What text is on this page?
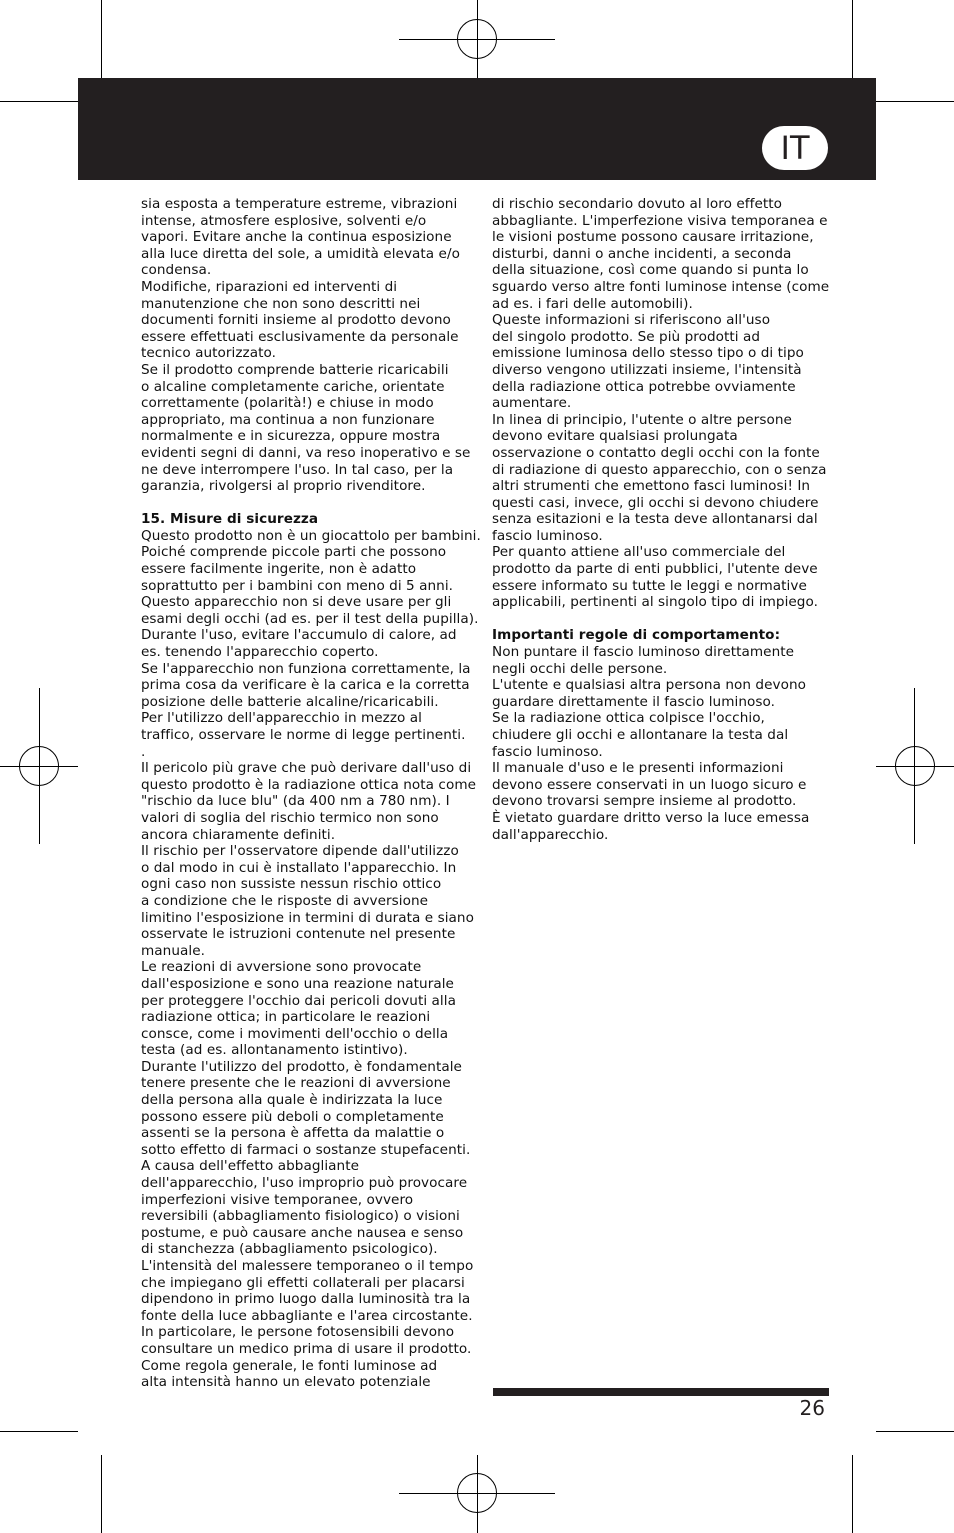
IT

sia esposta a temperature estreme, vibrazioni
intense, atmosfere esplosive, solventi e/o
vapori. Evitare anche la continua esposizione
alla luce diretta del sole, a umidità elevata e/o
condensa.
Modifiche, riparazioni ed interventi di
manutenzione che non sono descritti nei
documenti forniti insieme al prodotto devono
essere effettuati esclusivamente da personale
tecnico autorizzato.
Se il prodotto comprende batterie ricaricabili
o alcaline completamente cariche, orientate
correttamente (polarità!) e chiuse in modo
appropriato, ma continua a non funzionare
normalmente e in sicurezza, oppure mostra
evidenti segni di danni, va reso inoperativo e se
ne deve interrompere l'uso. In tal caso, per la
garanzia, rivolgersi al proprio rivenditore.

15. Misure di sicurezza

Questo prodotto non è un giocattolo per bambini.
Poiché comprende piccole parti che possono
essere facilmente ingerite, non è adatto
soprattutto per i bambini con meno di 5 anni.
Questo apparecchio non si deve usare per gli
esami degli occhi (ad es. per il test della pupilla).
Durante l'uso, evitare l'accumulo di calore, ad
es. tenendo l'apparecchio coperto.
Se l'apparecchio non funziona correttamente, la
prima cosa da verificare è la carica e la corretta
posizione delle batterie alcaline/ricaricabili.
Per l'utilizzo dell'apparecchio in mezzo al
traffico, osservare le norme di legge pertinenti.
.
Il pericolo più grave che può derivare dall'uso di
questo prodotto è la radiazione ottica nota come
"rischio da luce blu" (da 400 nm a 780 nm). I
valori di soglia del rischio termico non sono
ancora chiaramente definiti.
Il rischio per l'osservatore dipende dall'utilizzo
o dal modo in cui è installato l'apparecchio. In
ogni caso non sussiste nessun rischio ottico
a condizione che le risposte di avversione
limitino l'esposizione in termini di durata e siano
osservate le istruzioni contenute nel presente
manuale.
Le reazioni di avversione sono provocate
dall'esposizione e sono una reazione naturale
per proteggere l'occhio dai pericoli dovuti alla
radiazione ottica; in particolare le reazioni
consce, come i movimenti dell'occhio o della
testa (ad es. allontanamento istintivo).
Durante l'utilizzo del prodotto, è fondamentale
tenere presente che le reazioni di avversione
della persona alla quale è indirizzata la luce
possono essere più deboli o completamente
assenti se la persona è affetta da malattie o
sotto effetto di farmaci o sostanze stupefacenti.
A causa dell'effetto abbagliante
dell'apparecchio, l'uso improprio può provocare
imperfezioni visive temporanee, ovvero
reversibili (abbagliamento fisiologico) o visioni
postume, e può causare anche nausea e senso
di stanchezza (abbagliamento psicologico).
L'intensità del malessere temporaneo o il tempo
che impiegano gli effetti collaterali per placarsi
dipendono in primo luogo dalla luminosità tra la
fonte della luce abbagliante e l'area circostante.
In particolare, le persone fotosensibili devono
consultare un medico prima di usare il prodotto.
Come regola generale, le fonti luminose ad
alta intensità hanno un elevato potenziale

di rischio secondario dovuto al loro effetto
abbagliante. L'imperfezione visiva temporanea e
le visioni postume possono causare irritazione,
disturbi, danni o anche incidenti, a seconda
della situazione, così come quando si punta lo
sguardo verso altre fonti luminose intense (come
ad es. i fari delle automobili).
Queste informazioni si riferiscono all'uso
del singolo prodotto. Se più prodotti ad
emissione luminosa dello stesso tipo o di tipo
diverso vengono utilizzati insieme, l'intensità
della radiazione ottica potrebbe ovviamente
aumentare.
In linea di principio, l'utente o altre persone
devono evitare qualsiasi prolungata
osservazione o contatto degli occhi con la fonte
di radiazione di questo apparecchio, con o senza
altri strumenti che emettono fasci luminosi! In
questi casi, invece, gli occhi si devono chiudere
senza esitazioni e la testa deve allontanarsi dal
fascio luminoso.
Per quanto attiene all'uso commerciale del
prodotto da parte di enti pubblici, l'utente deve
essere informato su tutte le leggi e normative
applicabili, pertinenti al singolo tipo di impiego.

Importanti regole di comportamento:

Non puntare il fascio luminoso direttamente
negli occhi delle persone.
L'utente e qualsiasi altra persona non devono
guardare direttamente il fascio luminoso.
Se la radiazione ottica colpisce l'occhio,
chiudere gli occhi e allontanare la testa dal
fascio luminoso.
Il manuale d'uso e le presenti informazioni
devono essere conservati in un luogo sicuro e
devono trovarsi sempre insieme al prodotto.
È vietato guardare dritto verso la luce emessa
dall'apparecchio.

26
